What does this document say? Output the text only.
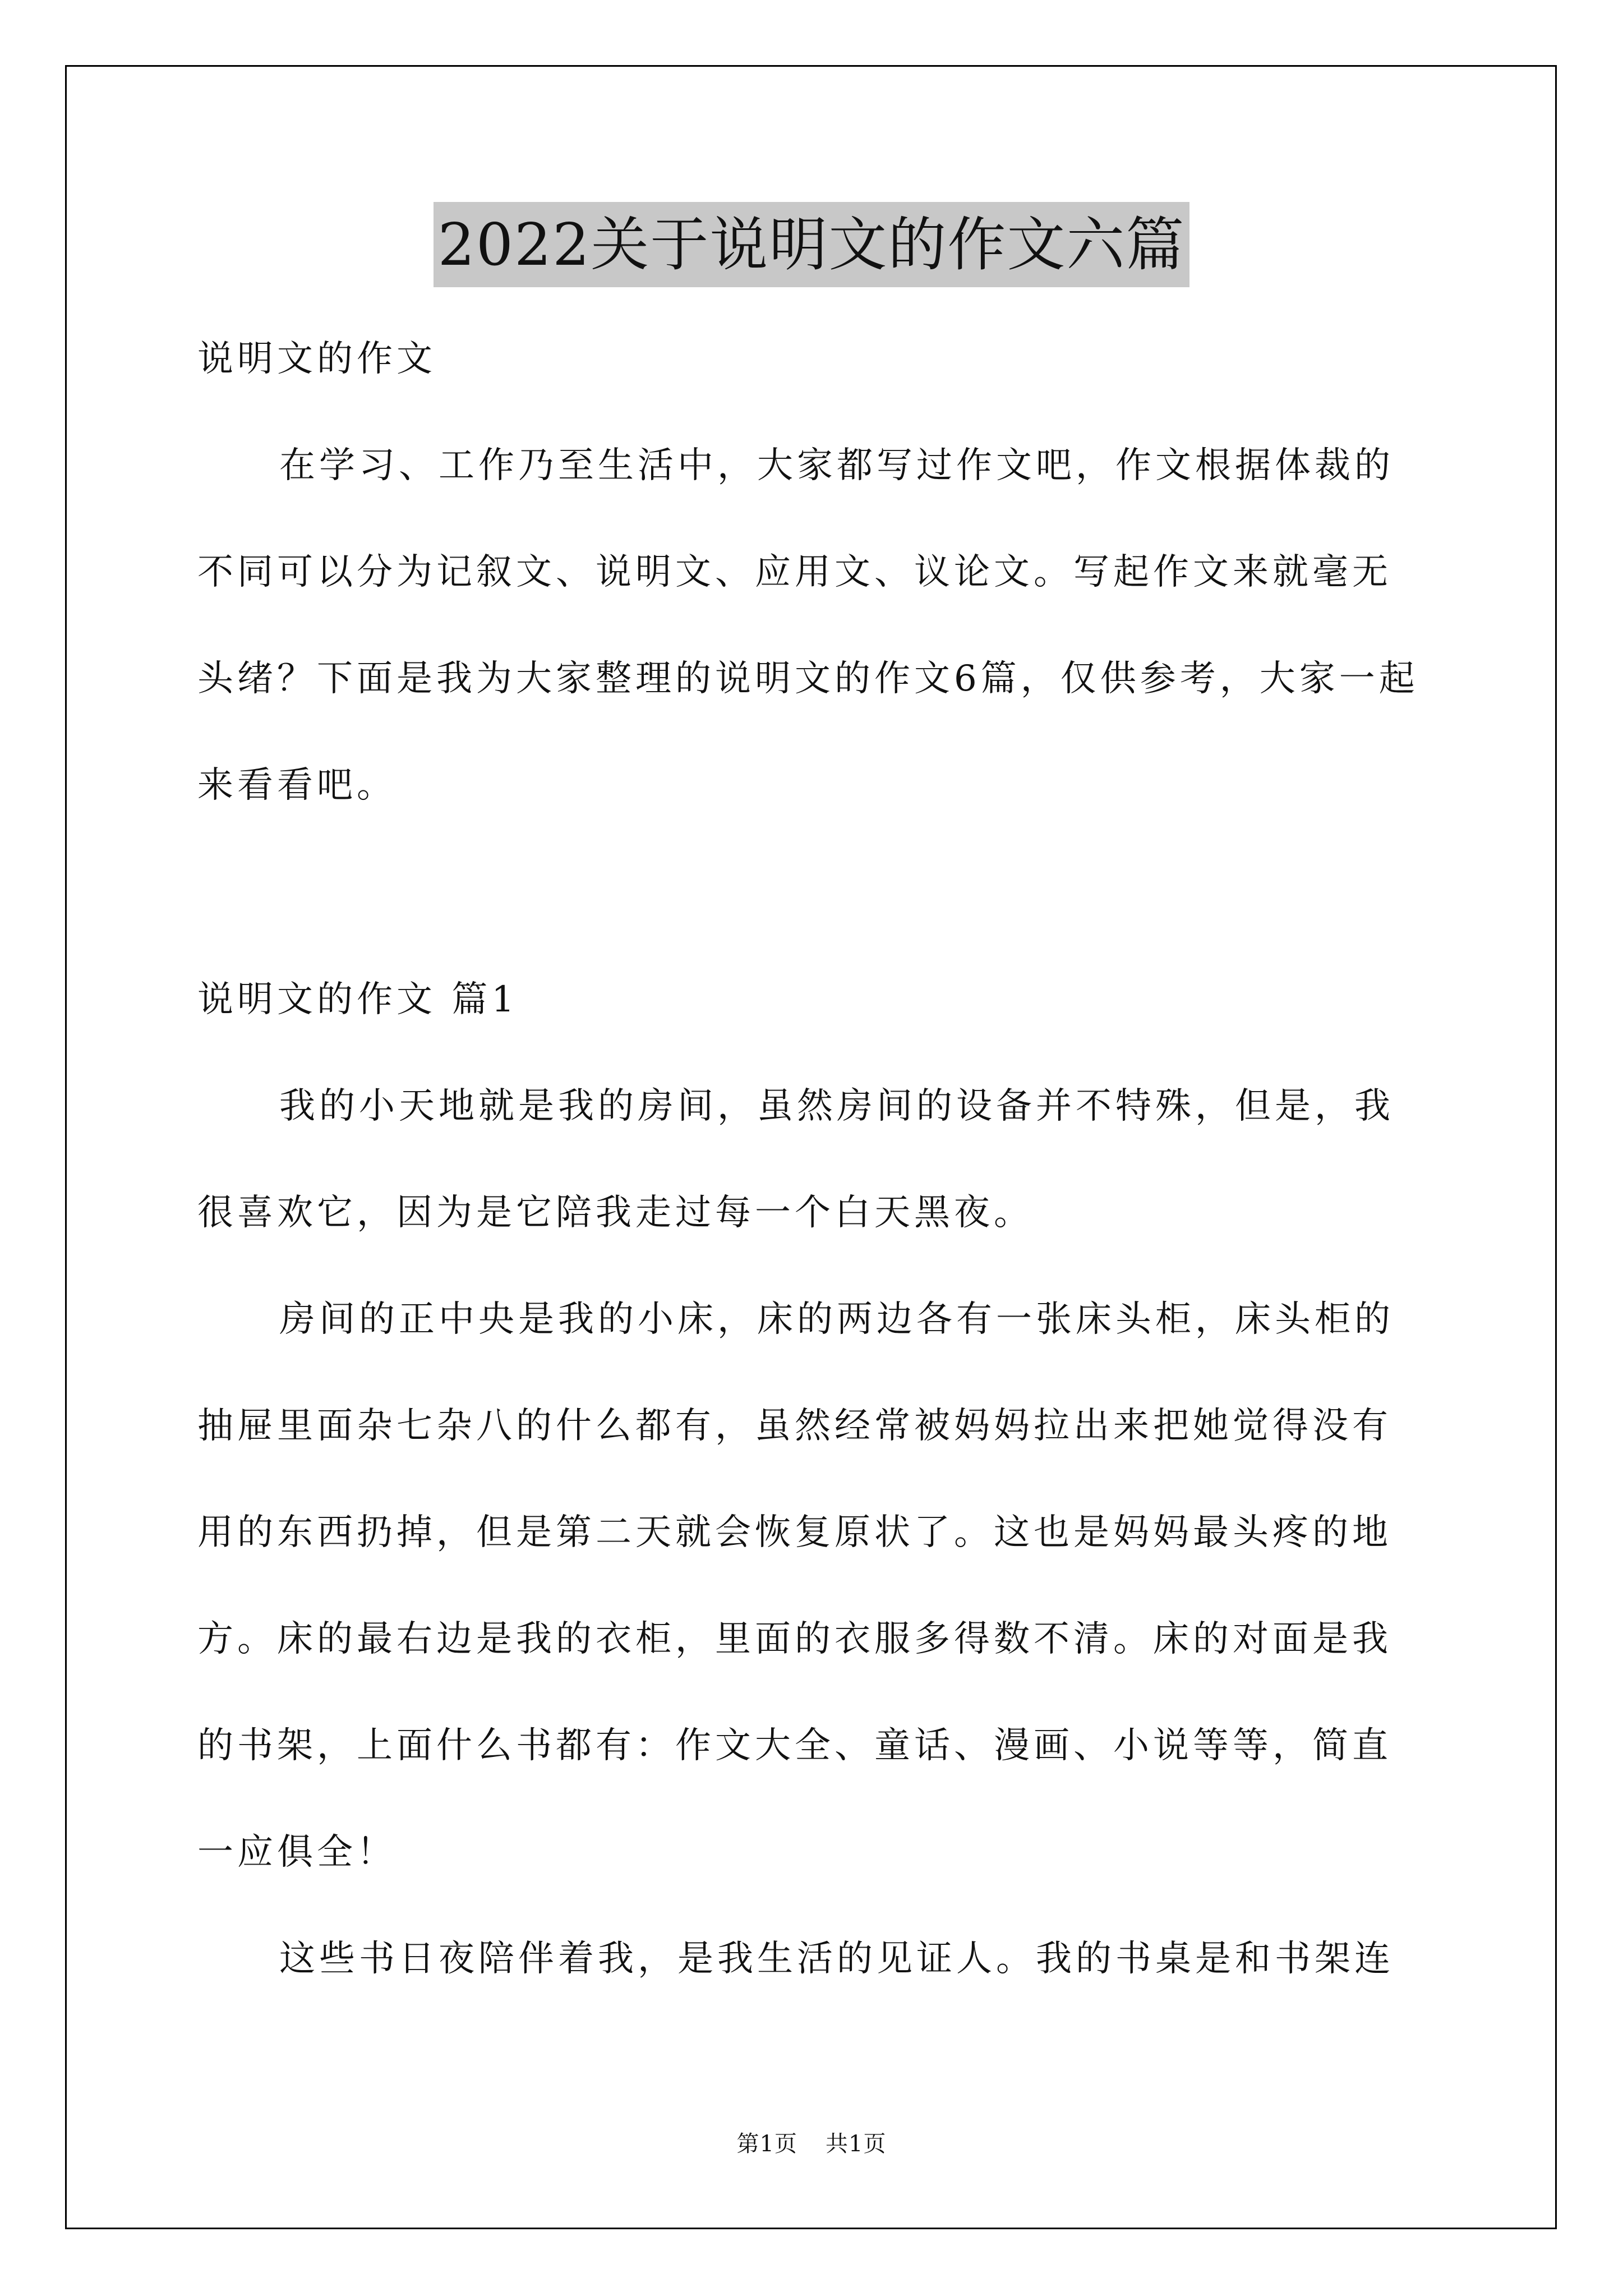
2022关于说明文的作文六篇

说明文的作文

在学习、工作乃至生活中，大家都写过作文吧，作文根据体裁的不同可以分为记叙文、说明文、应用文、议论文。写起作文来就毫无头绪？下面是我为大家整理的说明文的作文6篇，仅供参考，大家一起来看看吧。

说明文的作文 篇1

我的小天地就是我的房间，虽然房间的设备并不特殊，但是，我很喜欢它，因为是它陪我走过每一个白天黑夜。

房间的正中央是我的小床，床的两边各有一张床头柜，床头柜的抽屉里面杂七杂八的什么都有，虽然经常被妈妈拉出来把她觉得没有用的东西扔掉，但是第二天就会恢复原状了。这也是妈妈最头疼的地方。床的最右边是我的衣柜，里面的衣服多得数不清。床的对面是我的书架，上面什么书都有：作文大全、童话、漫画、小说等等，简直一应俱全！

这些书日夜陪伴着我，是我生活的见证人。我的书桌是和书架连

第1页 共1页
